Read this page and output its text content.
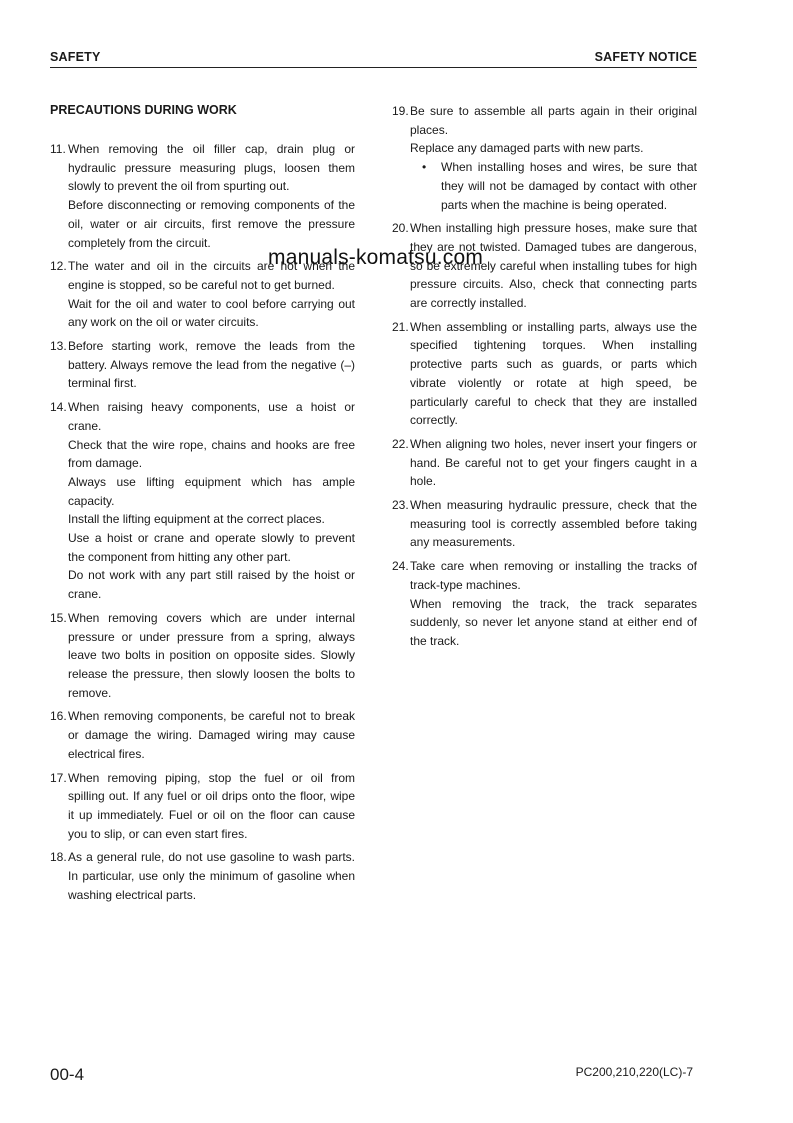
SAFETY	SAFETY NOTICE
PRECAUTIONS DURING WORK
11. When removing the oil filler cap, drain plug or hydraulic pressure measuring plugs, loosen them slowly to prevent the oil from spurting out.

Before disconnecting or removing components of the oil, water or air circuits, first remove the pressure completely from the circuit.

12. The water and oil in the circuits are hot when the engine is stopped, so be careful not to get burned.

Wait for the oil and water to cool before carrying out any work on the oil or water circuits.

13. Before starting work, remove the leads from the battery. Always remove the lead from the negative (–) terminal first.

14. When raising heavy components, use a hoist or crane.

Check that the wire rope, chains and hooks are free from damage.

Always use lifting equipment which has ample capacity.

Install the lifting equipment at the correct places.

Use a hoist or crane and operate slowly to prevent the component from hitting any other part.

Do not work with any part still raised by the hoist or crane.

15. When removing covers which are under internal pressure or under pressure from a spring, always leave two bolts in position on opposite sides. Slowly release the pressure, then slowly loosen the bolts to remove.

16. When removing components, be careful not to break or damage the wiring. Damaged wiring may cause electrical fires.

17. When removing piping, stop the fuel or oil from spilling out. If any fuel or oil drips onto the floor, wipe it up immediately. Fuel or oil on the floor can cause you to slip, or can even start fires.

18. As a general rule, do not use gasoline to wash parts. In particular, use only the minimum of gasoline when washing electrical parts.

19. Be sure to assemble all parts again in their original places.

Replace any damaged parts with new parts.

•	When installing hoses and wires, be sure that they will not be damaged by contact with other parts when the machine is being operated.

20. When installing high pressure hoses, make sure that they are not twisted. Damaged tubes are dangerous, so be extremely careful when installing tubes for high pressure circuits. Also, check that connecting parts are correctly installed.

21. When assembling or installing parts, always use the specified tightening torques. When installing protective parts such as guards, or parts which vibrate violently or rotate at high speed, be particularly careful to check that they are installed correctly.

22. When aligning two holes, never insert your fingers or hand. Be careful not to get your fingers caught in a hole.

23. When measuring hydraulic pressure, check that the measuring tool is correctly assembled before taking any measurements.

24. Take care when removing or installing the tracks of track-type machines.

When removing the track, the track separates suddenly, so never let anyone stand at either end of the track.

manuals-komatsu.com
00-4	PC200,210,220(LC)-7
